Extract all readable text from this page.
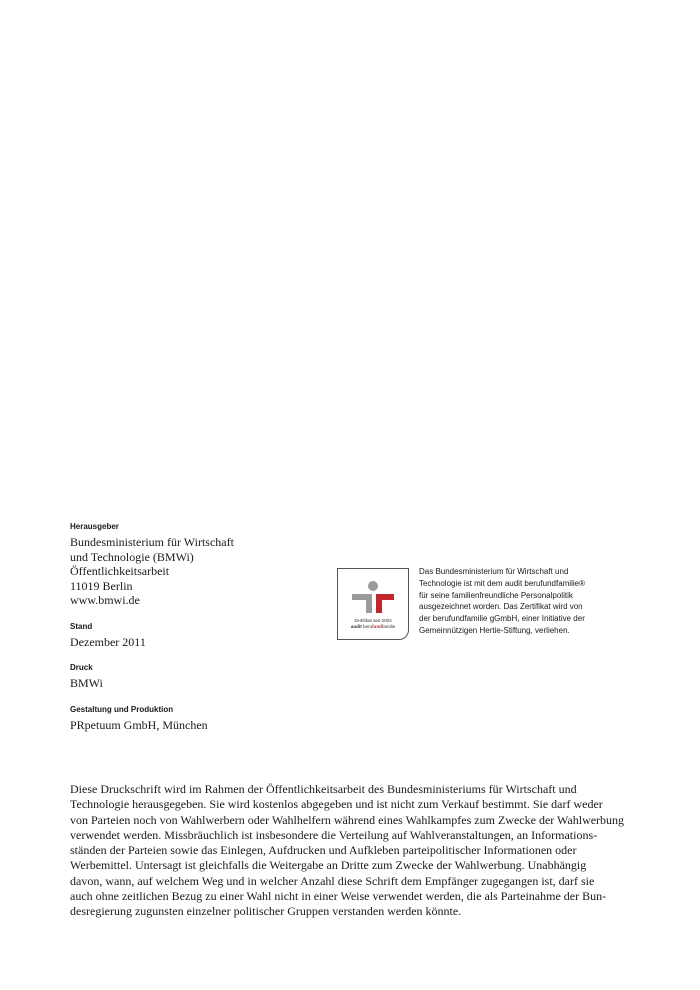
Herausgeber
Bundesministerium für Wirtschaft
und Technologie (BMWi)
Öffentlichkeitsarbeit
11019 Berlin
www.bmwi.de
Stand
Dezember 2011
Druck
BMWi
Gestaltung und Produktion
PRpetuum GmbH, München
Zertifikat seit 2002
audit berufundfamilie
Das Bundesministerium für Wirtschaft und
Technologie ist mit dem audit berufundfamilie®
für seine familienfreundliche Personalpolitik
ausgezeichnet worden. Das Zertifikat wird von
der berufundfamilie gGmbH, einer Initiative der
Gemeinnützigen Hertie-Stiftung, verliehen.
Diese Druckschrift wird im Rahmen der Öffentlichkeitsarbeit des Bundesministeriums für Wirtschaft und
Technologie herausgegeben. Sie wird kostenlos abgegeben und ist nicht zum Verkauf bestimmt. Sie darf weder
von Parteien noch von Wahlwerbern oder Wahlhelfern während eines Wahlkampfes zum Zwecke der Wahlwerbung
verwendet werden. Missbräuchlich ist insbesondere die Verteilung auf Wahlveranstaltungen, an Informations-
ständen der Parteien sowie das Einlegen, Aufdrucken und Aufkleben parteipolitischer Informationen oder
Werbemittel. Untersagt ist gleichfalls die Weitergabe an Dritte zum Zwecke der Wahlwerbung. Unabhängig
davon, wann, auf welchem Weg und in welcher Anzahl diese Schrift dem Empfänger zugegangen ist, darf sie
auch ohne zeitlichen Bezug zu einer Wahl nicht in einer Weise verwendet werden, die als Parteinahme der Bun-
desregierung zugunsten einzelner politischer Gruppen verstanden werden könnte.
